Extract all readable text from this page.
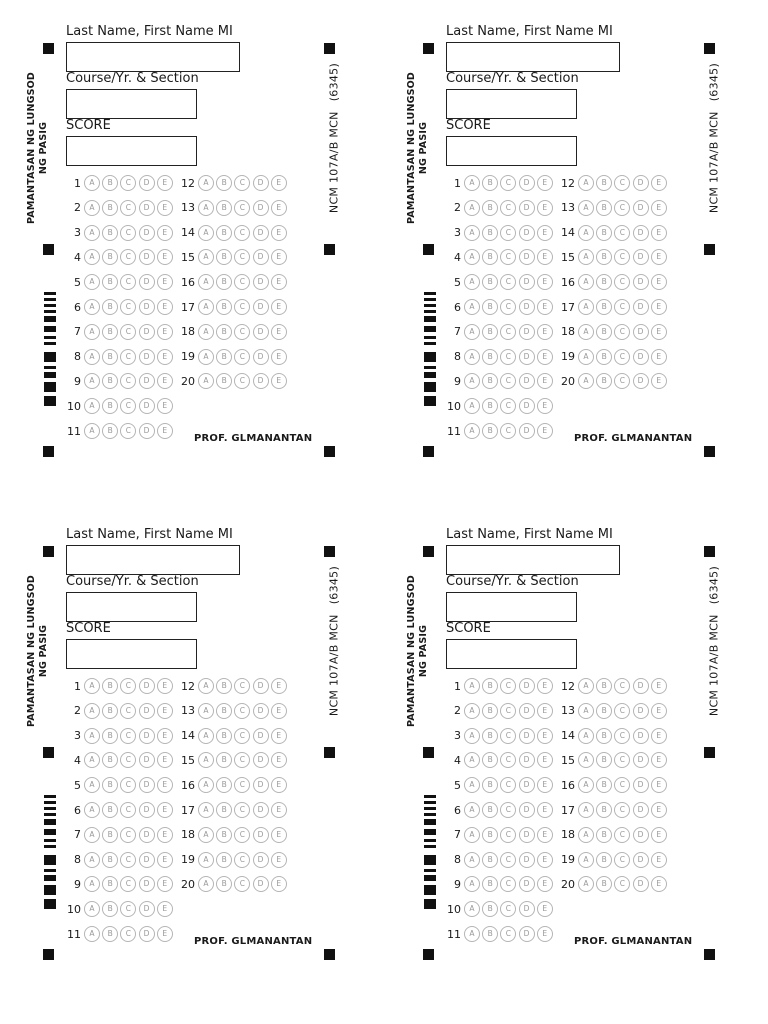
PAMANTASAN NG LUNGSOD NG PASIG	NCM 107A/B MCN(6345)
Last Name, First Name MI
Course/Yr. & Section
SCORE
1	A	B	C	D	E
2	A	B	C	D	E
3	A	B	C	D	E
4	A	B	C	D	E
5	A	B	C	D	E
6	A	B	C	D	E
7	A	B	C	D	E
8	A	B	C	D	E
9	A	B	C	D	E
10	A	B	C	D	E
11	A	B	C	D	E
12	A	B	C	D	E
13	A	B	C	D	E
14	A	B	C	D	E
15	A	B	C	D	E
16	A	B	C	D	E
17	A	B	C	D	E
18	A	B	C	D	E
19	A	B	C	D	E
20	A	B	C	D	E
PROF. GLMANANTAN
PAMANTASAN NG LUNGSOD NG PASIG	NCM 107A/B MCN(6345)
Last Name, First Name MI
Course/Yr. & Section
SCORE
1	A	B	C	D	E
2	A	B	C	D	E
3	A	B	C	D	E
4	A	B	C	D	E
5	A	B	C	D	E
6	A	B	C	D	E
7	A	B	C	D	E
8	A	B	C	D	E
9	A	B	C	D	E
10	A	B	C	D	E
11	A	B	C	D	E
12	A	B	C	D	E
13	A	B	C	D	E
14	A	B	C	D	E
15	A	B	C	D	E
16	A	B	C	D	E
17	A	B	C	D	E
18	A	B	C	D	E
19	A	B	C	D	E
20	A	B	C	D	E
PROF. GLMANANTAN
PAMANTASAN NG LUNGSOD NG PASIG	NCM 107A/B MCN(6345)
Last Name, First Name MI
Course/Yr. & Section
SCORE
1	A	B	C	D	E
2	A	B	C	D	E
3	A	B	C	D	E
4	A	B	C	D	E
5	A	B	C	D	E
6	A	B	C	D	E
7	A	B	C	D	E
8	A	B	C	D	E
9	A	B	C	D	E
10	A	B	C	D	E
11	A	B	C	D	E
12	A	B	C	D	E
13	A	B	C	D	E
14	A	B	C	D	E
15	A	B	C	D	E
16	A	B	C	D	E
17	A	B	C	D	E
18	A	B	C	D	E
19	A	B	C	D	E
20	A	B	C	D	E
PROF. GLMANANTAN
PAMANTASAN NG LUNGSOD NG PASIG	NCM 107A/B MCN(6345)
Last Name, First Name MI
Course/Yr. & Section
SCORE
1	A	B	C	D	E
2	A	B	C	D	E
3	A	B	C	D	E
4	A	B	C	D	E
5	A	B	C	D	E
6	A	B	C	D	E
7	A	B	C	D	E
8	A	B	C	D	E
9	A	B	C	D	E
10	A	B	C	D	E
11	A	B	C	D	E
12	A	B	C	D	E
13	A	B	C	D	E
14	A	B	C	D	E
15	A	B	C	D	E
16	A	B	C	D	E
17	A	B	C	D	E
18	A	B	C	D	E
19	A	B	C	D	E
20	A	B	C	D	E
PROF. GLMANANTAN
